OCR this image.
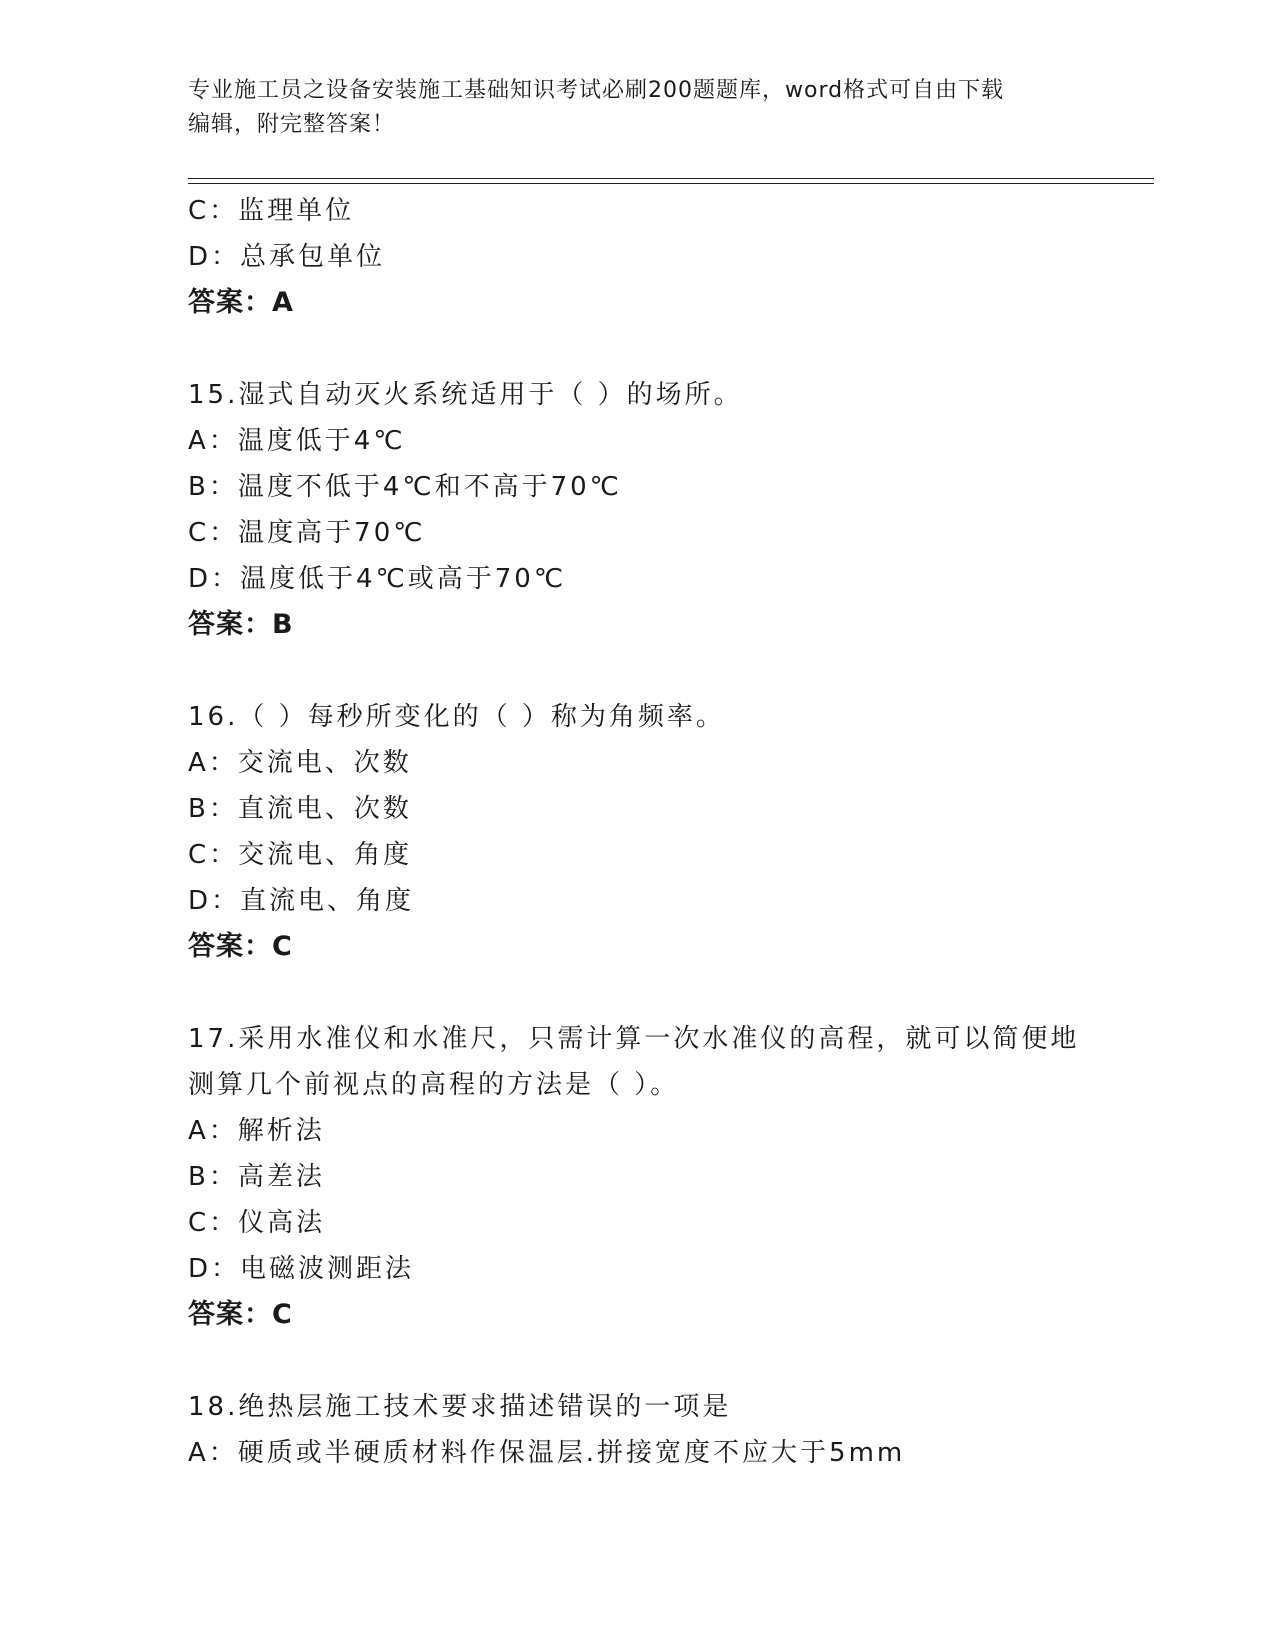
专业施工员之设备安装施工基础知识考试必刷200题题库，word格式可自由下载
编辑，附完整答案！
C：监理单位
D：总承包单位
答案：A
15.湿式自动灭火系统适用于（ ）的场所。
A：温度低于4℃
B：温度不低于4℃和不高于70℃
C：温度高于70℃
D：温度低于4℃或高于70℃
答案：B
16.（ ）每秒所变化的（ ）称为角频率。
A：交流电、次数
B：直流电、次数
C：交流电、角度
D：直流电、角度
答案：C
17.采用水准仪和水准尺，只需计算一次水准仪的高程，就可以简便地
测算几个前视点的高程的方法是（ ）。
A：解析法
B：高差法
C：仪高法
D：电磁波测距法
答案：C
18.绝热层施工技术要求描述错误的一项是
A：硬质或半硬质材料作保温层.拼接宽度不应大于5mm
